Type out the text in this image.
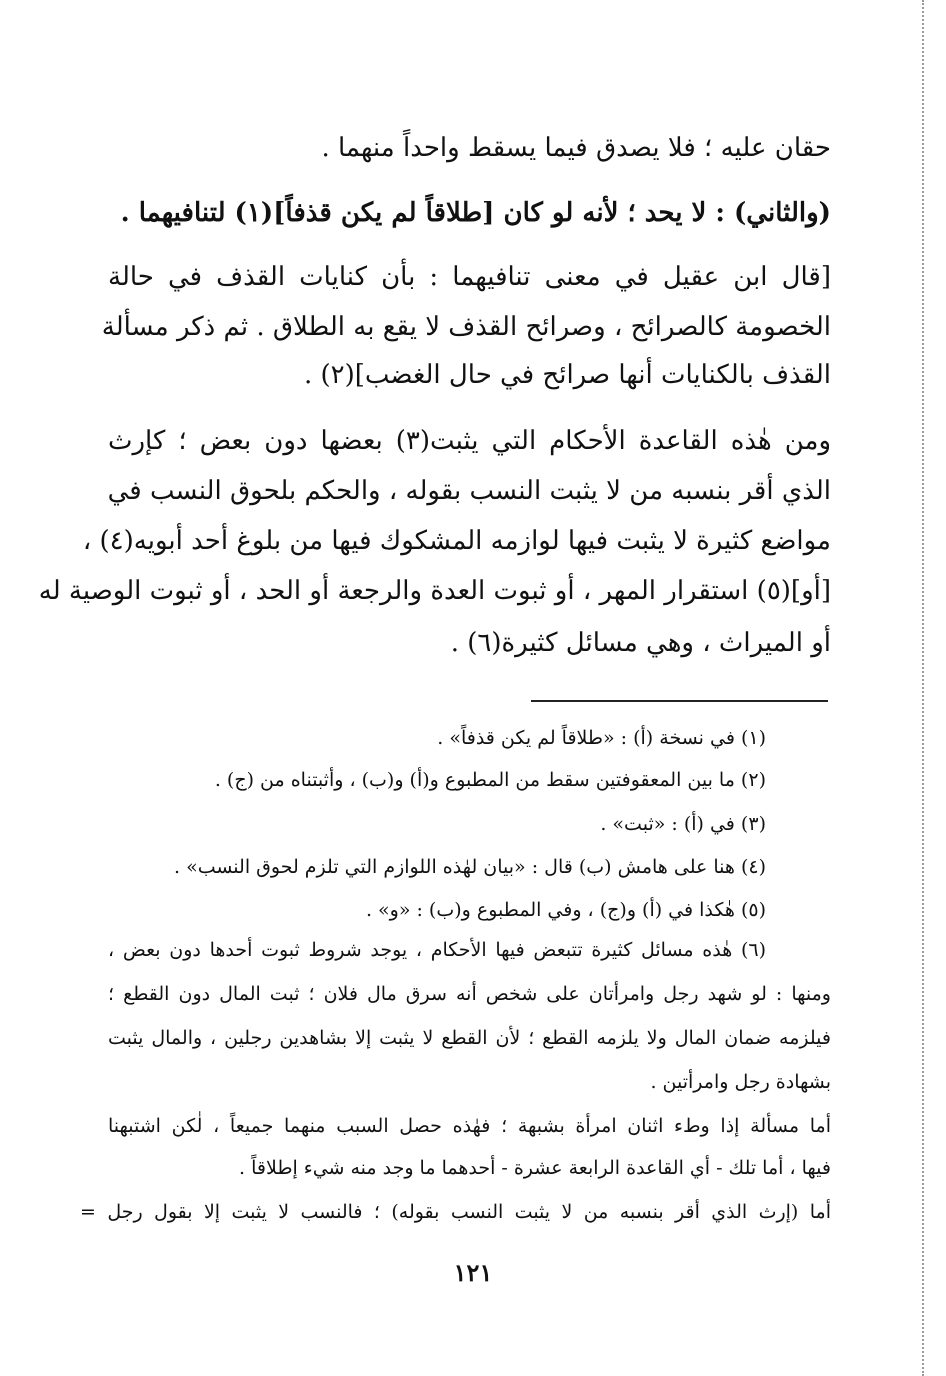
حقان عليه ؛ فلا يصدق فيما يسقط واحداً منهما .
(والثاني) : لا يحد ؛ لأنه لو كان [طلاقاً لم يكن قذفاً](١) لتنافيهما .
[قال ابن عقيل في معنى تنافيهما : بأن كنايات القذف في حالة
الخصومة كالصرائح ، وصرائح القذف لا يقع به الطلاق . ثم ذكر مسألة
القذف بالكنايات أنها صرائح في حال الغضب](٢) .
ومن هٰذه القاعدة الأحكام التي يثبت(٣) بعضها دون بعض ؛ كإرث
الذي أقر بنسبه من لا يثبت النسب بقوله ، والحكم بلحوق النسب في
مواضع كثيرة لا يثبت فيها لوازمه المشكوك فيها من بلوغ أحد أبويه(٤) ،
[أو](٥) استقرار المهر ، أو ثبوت العدة والرجعة أو الحد ، أو ثبوت الوصية له
أو الميراث ، وهي مسائل كثيرة(٦) .
(١) في نسخة (أ) : «طلاقاً لم يكن قذفاً» .
(٢) ما بين المعقوفتين سقط من المطبوع و(أ) و(ب) ، وأثبتناه من (ج) .
(٣) في (أ) : «ثبت» .
(٤) هنا على هامش (ب) قال : «بيان لهٰذه اللوازم التي تلزم لحوق النسب» .
(٥) هٰكذا في (أ) و(ج) ، وفي المطبوع و(ب) : «و» .
(٦) هٰذه مسائل كثيرة تتبعض فيها الأحكام ، يوجد شروط ثبوت أحدها دون بعض ،
ومنها : لو شهد رجل وامرأتان على شخص أنه سرق مال فلان ؛ ثبت المال دون القطع ؛
فيلزمه ضمان المال ولا يلزمه القطع ؛ لأن القطع لا يثبت إلا بشاهدين رجلين ، والمال يثبت
بشهادة رجل وامرأتين .
أما مسألة إذا وطء اثنان امرأة بشبهة ؛ فهٰذه حصل السبب منهما جميعاً ، لٰكن اشتبهنا
فيها ، أما تلك - أي القاعدة الرابعة عشرة - أحدهما ما وجد منه شيء إطلاقاً .
أما (إرث الذي أقر بنسبه من لا يثبت النسب بقوله) ؛ فالنسب لا يثبت إلا بقول رجل =
١٢١
